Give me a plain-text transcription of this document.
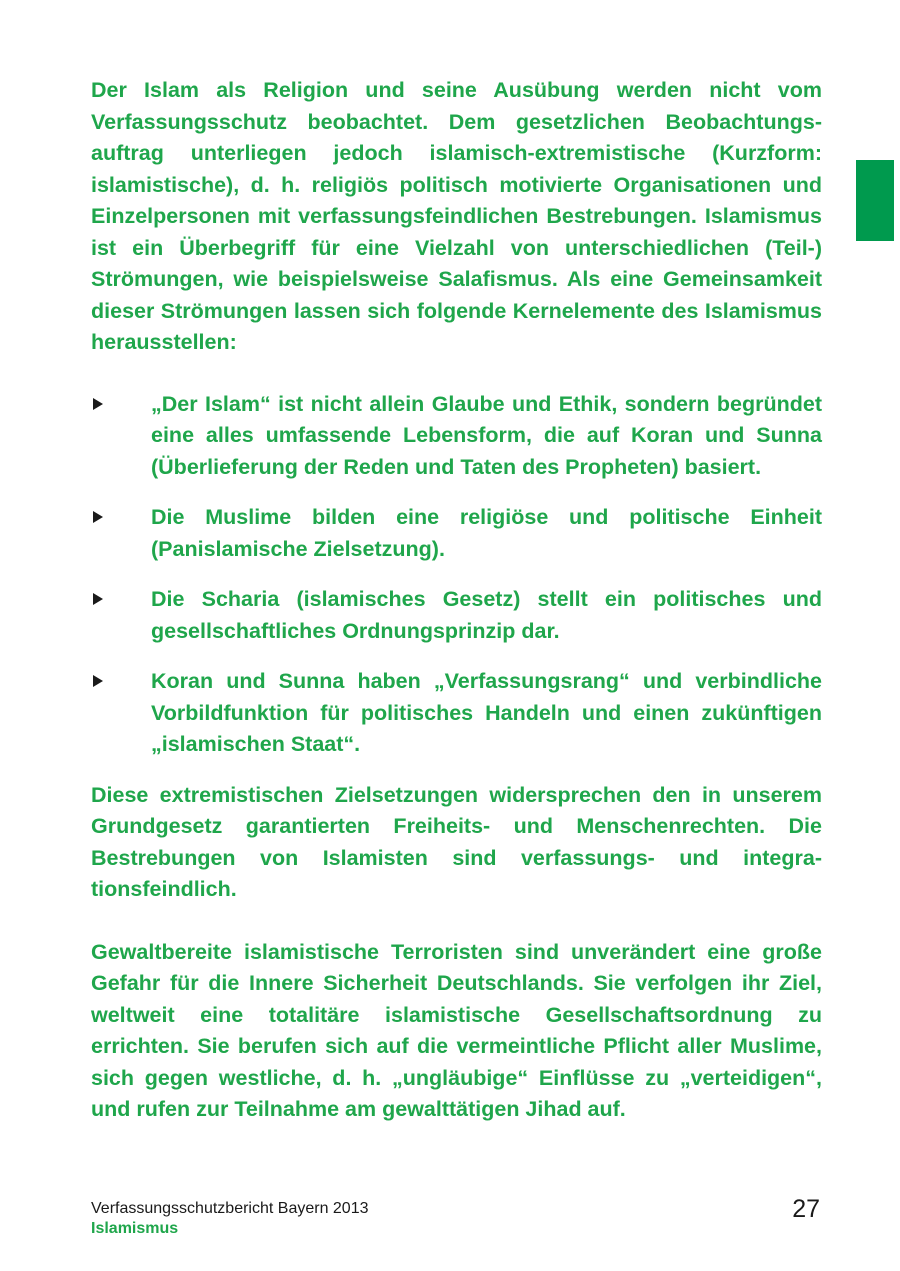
Der Islam als Religion und seine Ausübung werden nicht vom Verfassungsschutz beobachtet. Dem gesetzlichen Beobachtungsauftrag unterliegen jedoch islamisch-extremistische (Kurzform: islamistische), d. h. religiös politisch motivierte Organisationen und Einzelpersonen mit verfassungsfeindlichen Bestrebungen. Islamismus ist ein Überbegriff für eine Vielzahl von unterschiedlichen (Teil-) Strömungen, wie beispielsweise Salafismus. Als eine Gemeinsamkeit dieser Strömungen lassen sich folgende Kernelemente des Islamismus herausstellen:

„Der Islam“ ist nicht allein Glaube und Ethik, sondern begründet eine alles umfassende Lebensform, die auf Koran und Sunna (Überlieferung der Reden und Taten des Propheten) basiert.
Die Muslime bilden eine religiöse und politische Einheit (Panislamische Zielsetzung).
Die Scharia (islamisches Gesetz) stellt ein politisches und gesellschaftliches Ordnungsprinzip dar.
Koran und Sunna haben „Verfassungsrang“ und verbindliche Vorbildfunktion für politisches Handeln und einen zukünftigen „islamischen Staat“.

Diese extremistischen Zielsetzungen widersprechen den in unserem Grundgesetz garantierten Freiheits- und Menschenrechten. Die Bestrebungen von Islamisten sind verfassungs- und integrationsfeindlich.

Gewaltbereite islamistische Terroristen sind unverändert eine große Gefahr für die Innere Sicherheit Deutschlands. Sie verfolgen ihr Ziel, weltweit eine totalitäre islamistische Gesellschaftsordnung zu errichten. Sie berufen sich auf die vermeintliche Pflicht aller Muslime, sich gegen westliche, d. h. „ungläubige“ Einflüsse zu „verteidigen“, und rufen zur Teilnahme am gewalttätigen Jihad auf.

Verfassungsschutzbericht Bayern 2013
Islamismus
27
